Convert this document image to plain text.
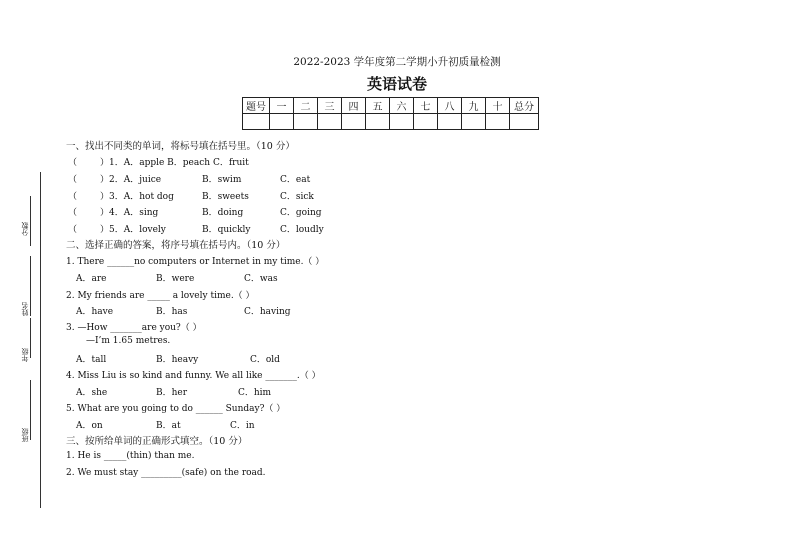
分数
姓名
年级
班级
2022-2023 学年度第二学期小升初质量检测
英语试卷
题号	一	二	三	四	五	六	七	八	九	十	总分

一、找出不同类的单词，将标号填在括号里。（10 分）
（	）1．A．apple B．peach C．fruit
（	）2．A．juice	B．swim	C．eat
（	）3．A．hot dog	B．sweets	C．sick
（	）4．A．sing	B．doing	C．going
（	）5．A．lovely	B．quickly	C．loudly
二、选择正确的答案，将序号填在括号内。（10 分）
1. There ______no computers or Internet in my time.（ ）
A．are	B．were	C．was
2. My friends are _____ a lovely time.（ ）
A．have	B．has	C．having
3. —How _______are you?（ ）
—I’m 1.65 metres.
A．tall	B．heavy	C．old
4. Miss Liu is so kind and funny. We all like _______.（ ）
A．she	B．her	C．him
5. What are you going to do ______ Sunday?（ ）
A．on	B．at	C．in
三、按所给单词的正确形式填空。（10 分）
1. He is _____(thin) than me.
2. We must stay _________(safe) on the road.
